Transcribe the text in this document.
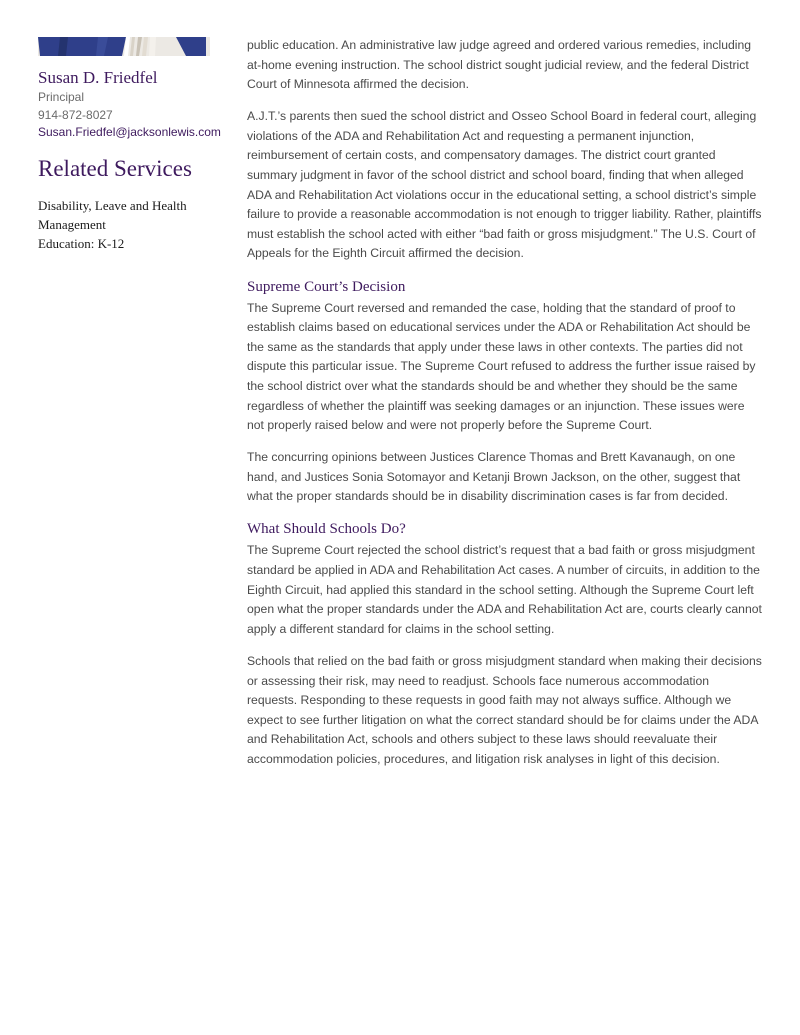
Susan D. Friedfel
Principal
914-872-8027
Susan.Friedfel@jacksonlewis.com
Related Services
Disability, Leave and Health Management
Education: K-12

public education. An administrative law judge agreed and ordered various remedies, including at-home evening instruction. The school district sought judicial review, and the federal District Court of Minnesota affirmed the decision.

A.J.T.’s parents then sued the school district and Osseo School Board in federal court, alleging violations of the ADA and Rehabilitation Act and requesting a permanent injunction, reimbursement of certain costs, and compensatory damages. The district court granted summary judgment in favor of the school district and school board, finding that when alleged ADA and Rehabilitation Act violations occur in the educational setting, a school district’s simple failure to provide a reasonable accommodation is not enough to trigger liability. Rather, plaintiffs must establish the school acted with either “bad faith or gross misjudgment.” The U.S. Court of Appeals for the Eighth Circuit affirmed the decision.

Supreme Court’s Decision

The Supreme Court reversed and remanded the case, holding that the standard of proof to establish claims based on educational services under the ADA or Rehabilitation Act should be the same as the standards that apply under these laws in other contexts. The parties did not dispute this particular issue. The Supreme Court refused to address the further issue raised by the school district over what the standards should be and whether they should be the same regardless of whether the plaintiff was seeking damages or an injunction. These issues were not properly raised below and were not properly before the Supreme Court.

The concurring opinions between Justices Clarence Thomas and Brett Kavanaugh, on one hand, and Justices Sonia Sotomayor and Ketanji Brown Jackson, on the other, suggest that what the proper standards should be in disability discrimination cases is far from decided.

What Should Schools Do?

The Supreme Court rejected the school district’s request that a bad faith or gross misjudgment standard be applied in ADA and Rehabilitation Act cases. A number of circuits, in addition to the Eighth Circuit, had applied this standard in the school setting. Although the Supreme Court left open what the proper standards under the ADA and Rehabilitation Act are, courts clearly cannot apply a different standard for claims in the school setting.

Schools that relied on the bad faith or gross misjudgment standard when making their decisions or assessing their risk, may need to readjust. Schools face numerous accommodation requests. Responding to these requests in good faith may not always suffice. Although we expect to see further litigation on what the correct standard should be for claims under the ADA and Rehabilitation Act, schools and others subject to these laws should reevaluate their accommodation policies, procedures, and litigation risk analyses in light of this decision.
